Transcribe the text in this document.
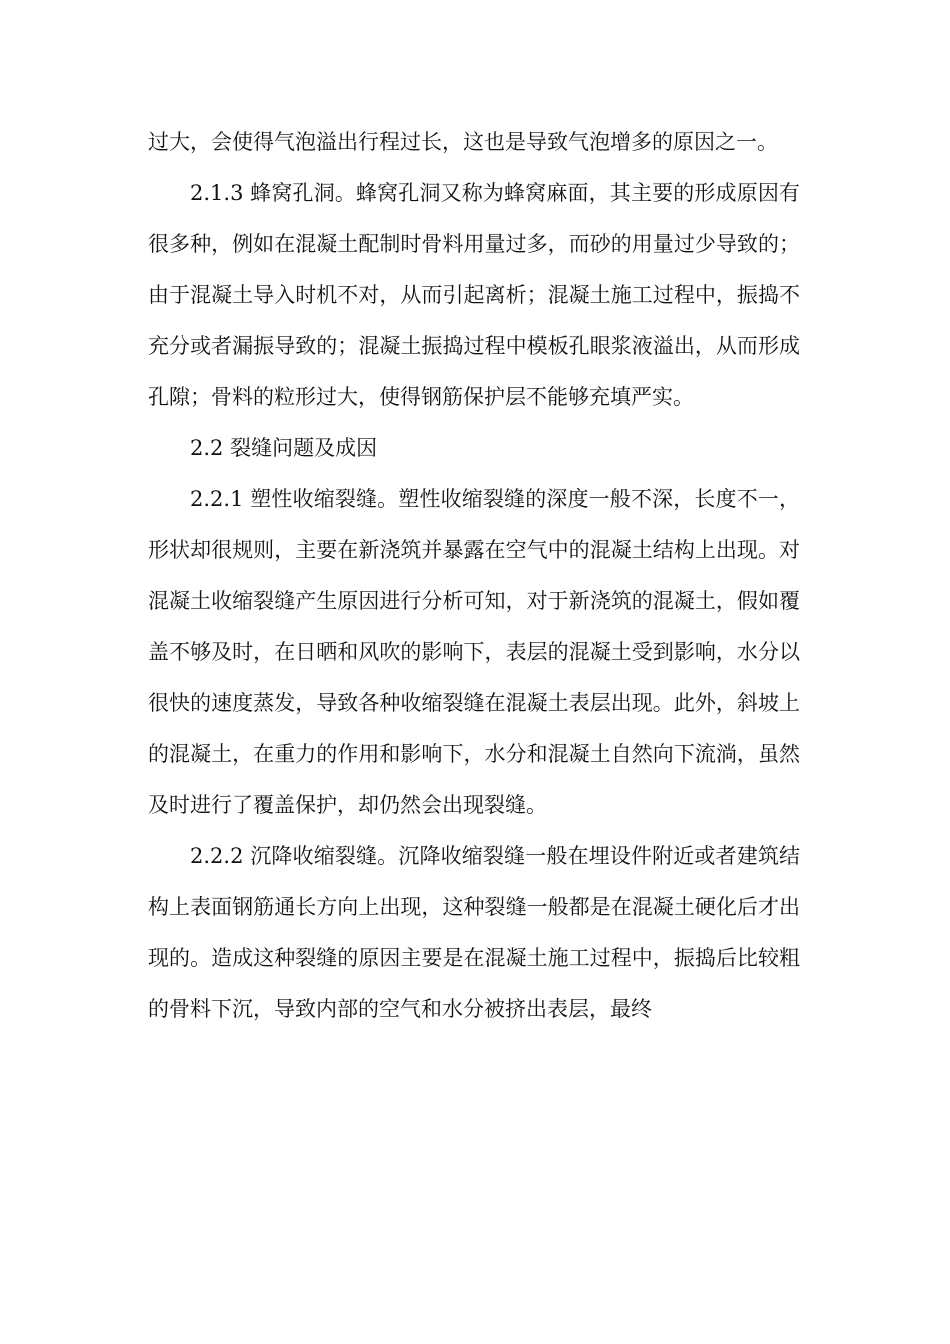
过大，会使得气泡溢出行程过长，这也是导致气泡增多的原因之一。

2.1.3 蜂窝孔洞。蜂窝孔洞又称为蜂窝麻面，其主要的形成原因有很多种，例如在混凝土配制时骨料用量过多，而砂的用量过少导致的；由于混凝土导入时机不对，从而引起离析；混凝土施工过程中，振捣不充分或者漏振导致的；混凝土振捣过程中模板孔眼浆液溢出，从而形成孔隙；骨料的粒形过大，使得钢筋保护层不能够充填严实。

2.2 裂缝问题及成因

2.2.1 塑性收缩裂缝。塑性收缩裂缝的深度一般不深，长度不一，形状却很规则，主要在新浇筑并暴露在空气中的混凝土结构上出现。对混凝土收缩裂缝产生原因进行分析可知，对于新浇筑的混凝土，假如覆盖不够及时，在日晒和风吹的影响下，表层的混凝土受到影响，水分以很快的速度蒸发，导致各种收缩裂缝在混凝土表层出现。此外，斜坡上的混凝土，在重力的作用和影响下，水分和混凝土自然向下流淌，虽然及时进行了覆盖保护，却仍然会出现裂缝。

2.2.2 沉降收缩裂缝。沉降收缩裂缝一般在埋设件附近或者建筑结构上表面钢筋通长方向上出现，这种裂缝一般都是在混凝土硬化后才出现的。造成这种裂缝的原因主要是在混凝土施工过程中，振捣后比较粗的骨料下沉，导致内部的空气和水分被挤出表层，最终
